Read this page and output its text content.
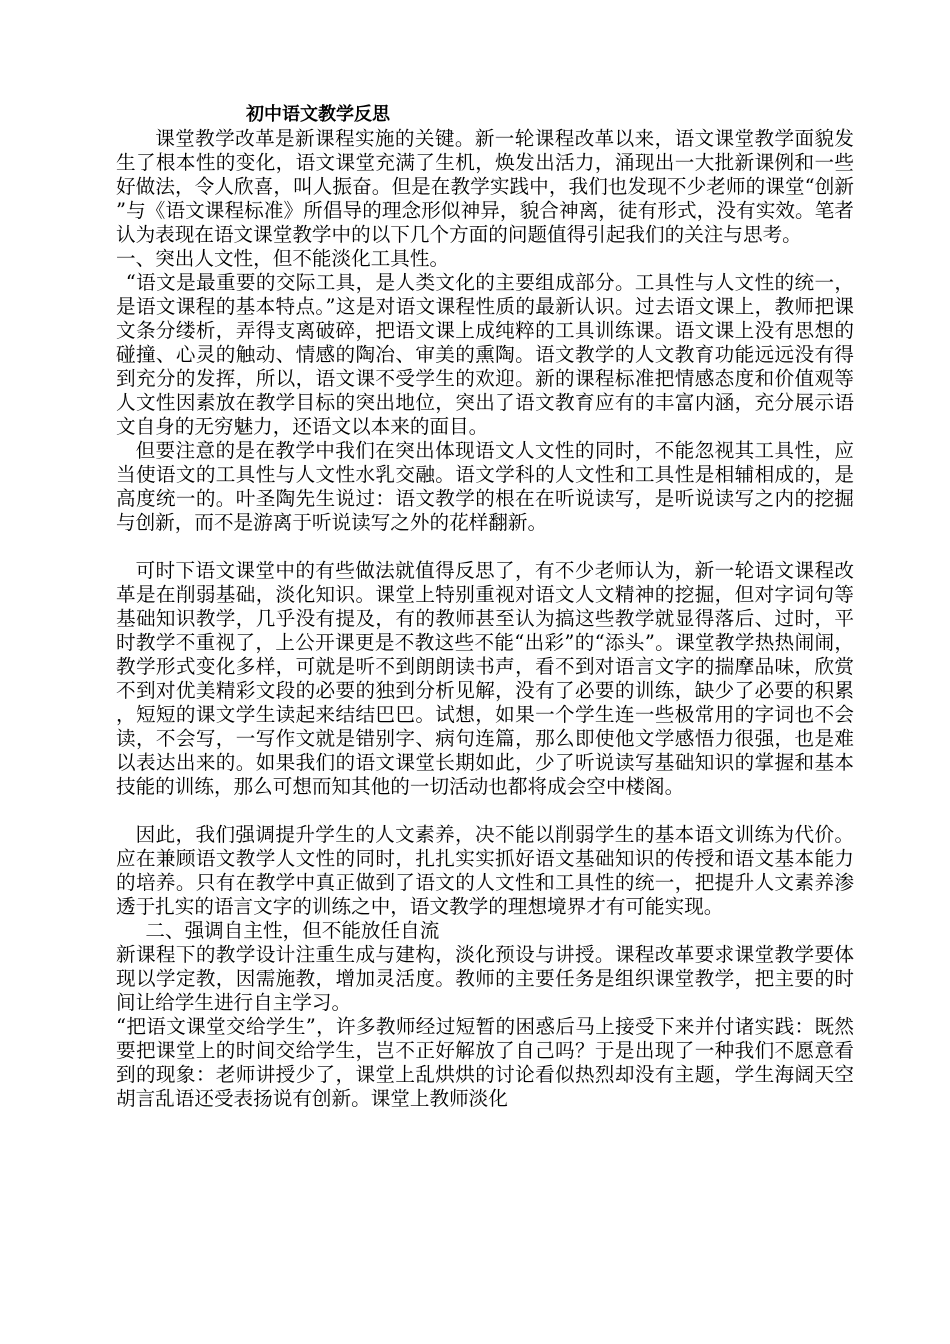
初中语文教学反思

课堂教学改革是新课程实施的关键。新一轮课程改革以来，语文课堂教学面貌发生了根本性的变化，语文课堂充满了生机，焕发出活力，涌现出一大批新课例和一些好做法，令人欣喜，叫人振奋。但是在教学实践中，我们也发现不少老师的课堂“创新”与《语文课程标准》所倡导的理念形似神异，貌合神离，徒有形式，没有实效。笔者认为表现在语文课堂教学中的以下几个方面的问题值得引起我们的关注与思考。

一、突出人文性，但不能淡化工具性。

“语文是最重要的交际工具，是人类文化的主要组成部分。工具性与人文性的统一，是语文课程的基本特点。”这是对语文课程性质的最新认识。过去语文课上，教师把课文条分缕析，弄得支离破碎，把语文课上成纯粹的工具训练课。语文课上没有思想的碰撞、心灵的触动、情感的陶冶、审美的熏陶。语文教学的人文教育功能远远没有得到充分的发挥，所以，语文课不受学生的欢迎。新的课程标准把情感态度和价值观等人文性因素放在教学目标的突出地位，突出了语文教育应有的丰富内涵，充分展示语文自身的无穷魅力，还语文以本来的面目。

但要注意的是在教学中我们在突出体现语文人文性的同时，不能忽视其工具性，应当使语文的工具性与人文性水乳交融。语文学科的人文性和工具性是相辅相成的，是高度统一的。叶圣陶先生说过：语文教学的根在在听说读写，是听说读写之内的挖掘与创新，而不是游离于听说读写之外的花样翻新。

可时下语文课堂中的有些做法就值得反思了，有不少老师认为，新一轮语文课程改革是在削弱基础，淡化知识。课堂上特别重视对语文人文精神的挖掘，但对字词句等基础知识教学，几乎没有提及，有的教师甚至认为搞这些教学就显得落后、过时，平时教学不重视了，上公开课更是不教这些不能“出彩”的“添头”。课堂教学热热闹闹，教学形式变化多样，可就是听不到朗朗读书声，看不到对语言文字的揣摩品味，欣赏不到对优美精彩文段的必要的独到分析见解，没有了必要的训练，缺少了必要的积累，短短的课文学生读起来结结巴巴。试想，如果一个学生连一些极常用的字词也不会读，不会写，一写作文就是错别字、病句连篇，那么即使他文学感悟力很强，也是难以表达出来的。如果我们的语文课堂长期如此，少了听说读写基础知识的掌握和基本技能的训练，那么可想而知其他的一切活动也都将成会空中楼阁。

因此，我们强调提升学生的人文素养，决不能以削弱学生的基本语文训练为代价。应在兼顾语文教学人文性的同时，扎扎实实抓好语文基础知识的传授和语文基本能力的培养。只有在教学中真正做到了语文的人文性和工具性的统一，把提升人文素养渗透于扎实的语言文字的训练之中，语文教学的理想境界才有可能实现。

二、强调自主性，但不能放任自流

新课程下的教学设计注重生成与建构，淡化预设与讲授。课程改革要求课堂教学要体现以学定教，因需施教，增加灵活度。教师的主要任务是组织课堂教学，把主要的时间让给学生进行自主学习。

“把语文课堂交给学生”，许多教师经过短暂的困惑后马上接受下来并付诸实践：既然要把课堂上的时间交给学生，岂不正好解放了自己吗？于是出现了一种我们不愿意看到的现象：老师讲授少了，课堂上乱烘烘的讨论看似热烈却没有主题，学生海阔天空胡言乱语还受表扬说有创新。课堂上教师淡化
